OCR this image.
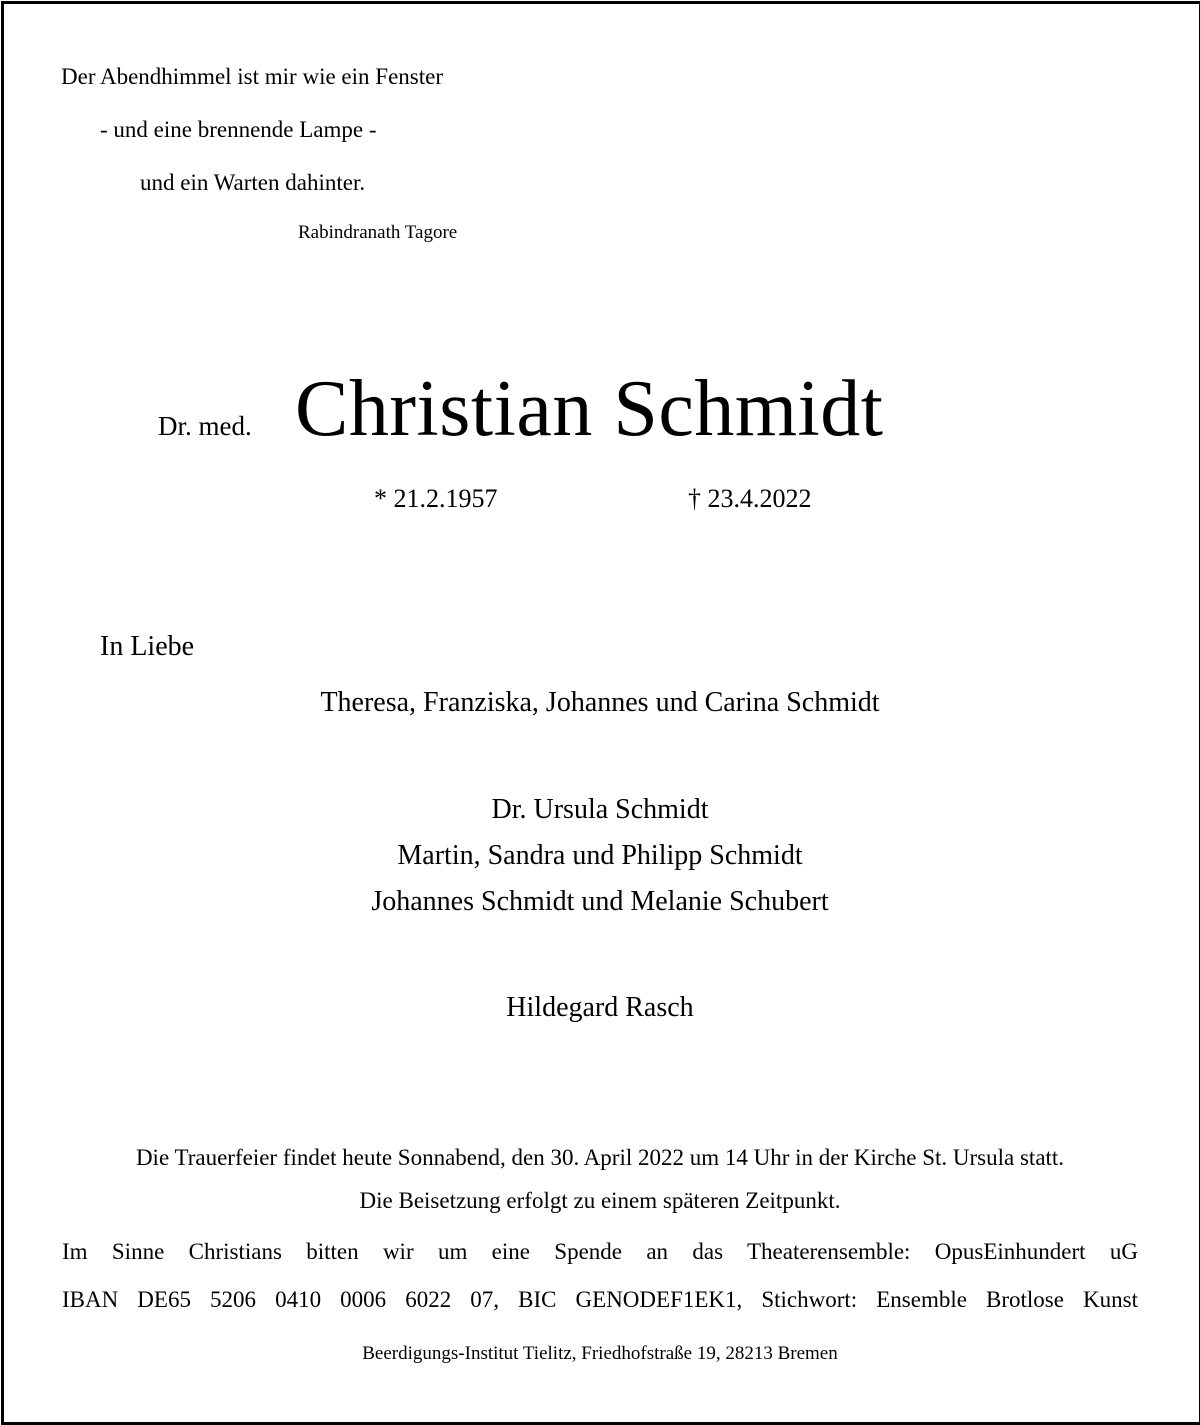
Der Abendhimmel ist mir wie ein Fenster
- und eine brennende Lampe -
und ein Warten dahinter.
Rabindranath Tagore
Dr. med. Christian Schmidt
* 21.2.1957	† 23.4.2022
In Liebe
Theresa, Franziska, Johannes und Carina Schmidt
Dr. Ursula Schmidt
Martin, Sandra und Philipp Schmidt
Johannes Schmidt und Melanie Schubert
Hildegard Rasch
Die Trauerfeier findet heute Sonnabend, den 30. April 2022 um 14 Uhr in der Kirche St. Ursula statt.
Die Beisetzung erfolgt zu einem späteren Zeitpunkt.
Im Sinne Christians bitten wir um eine Spende an das Theaterensemble: OpusEinhundert uG
IBAN DE65 5206 0410 0006 6022 07, BIC GENODEF1EK1, Stichwort: Ensemble Brotlose Kunst
Beerdigungs-Institut Tielitz, Friedhofstraße 19, 28213 Bremen
